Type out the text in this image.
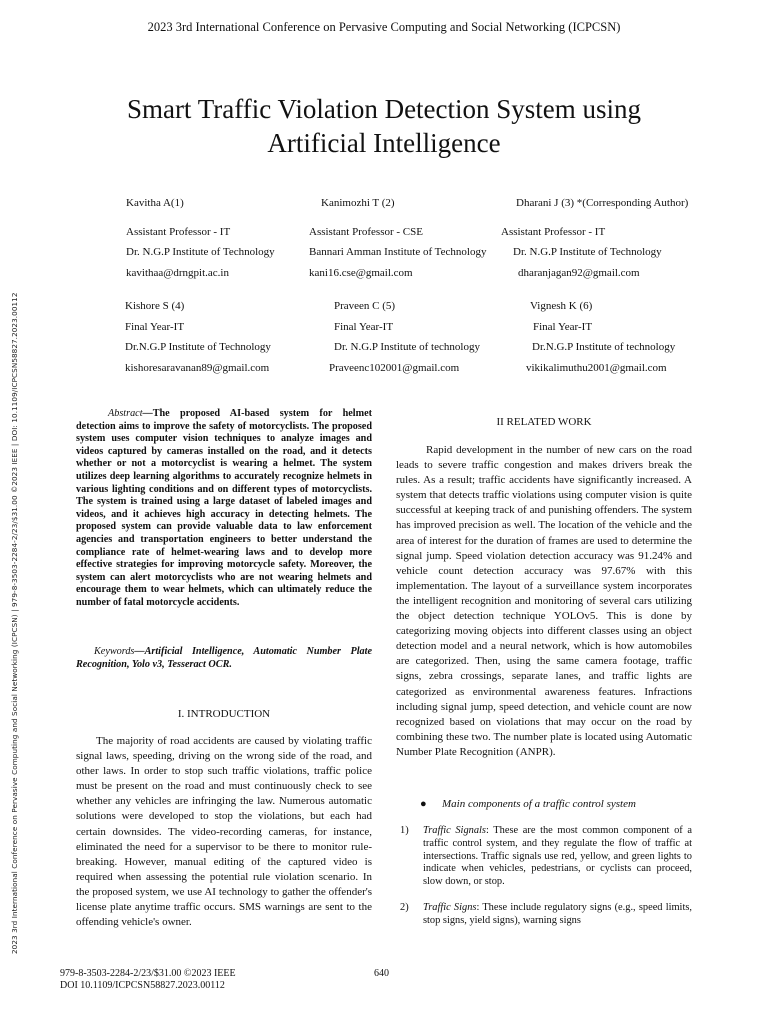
2023 3rd International Conference on Pervasive Computing and Social Networking (ICPCSN)
Smart Traffic Violation Detection System using
Artificial Intelligence
Kavitha A(1)
Assistant Professor - IT
Dr. N.G.P Institute of Technology
kavithaa@drngpit.ac.in
Kanimozhi T (2)
Assistant Professor - CSE
Bannari Amman Institute of Technology
kani16.cse@gmail.com
Dharani J (3) *(Corresponding Author)
Assistant Professor - IT
Dr. N.G.P Institute of Technology
dharanjagan92@gmail.com
Kishore S (4)
Final Year-IT
Dr.N.G.P Institute of Technology
kishoresaravanan89@gmail.com
Praveen C (5)
Final Year-IT
Dr. N.G.P Institute of technology
Praveenc102001@gmail.com
Vignesh K (6)
Final Year-IT
Dr.N.G.P Institute of technology
vikikalimuthu2001@gmail.com
2023 3rd International Conference on Pervasive Computing and Social Networking (ICPCSN) | 979-8-3503-2284-2/23/$31.00 ©2023 IEEE | DOI: 10.1109/ICPCSN58827.2023.00112	Abstract—The proposed AI-based system for helmet detection aims to improve the safety of motorcyclists. The proposed system uses computer vision techniques to analyze images and videos captured by cameras installed on the road, and it detects whether or not a motorcyclist is wearing a helmet. The system utilizes deep learning algorithms to accurately recognize helmets in various lighting conditions and on different types of motorcyclists. The system is trained using a large dataset of labeled images and videos, and it achieves high accuracy in detecting helmets. The proposed system can provide valuable data to law enforcement agencies and transportation engineers to better understand the compliance rate of helmet-wearing laws and to develop more effective strategies for improving motorcycle safety. Moreover, the system can alert motorcyclists who are not wearing helmets and encourage them to wear helmets, which can ultimately reduce the number of fatal motorcycle accidents.
Keywords—Artificial Intelligence, Automatic Number Plate Recognition, Yolo v3, Tesseract OCR.
I. INTRODUCTION
The majority of road accidents are caused by violating traffic signal laws, speeding, driving on the wrong side of the road, and other laws. In order to stop such traffic violations, traffic police must be present on the road and must continuously check to see whether any vehicles are infringing the law. Numerous automatic solutions were developed to stop the violations, but each had certain downsides. The video-recording cameras, for instance, eliminated the need for a supervisor to be there to monitor rule-breaking. However, manual editing of the captured video is required when assessing the potential rule violation scenario. In the proposed system, we use AI technology to gather the offender's license plate anytime traffic occurs. SMS warnings are sent to the offending vehicle's owner.
II RELATED WORK
Rapid development in the number of new cars on the road leads to severe traffic congestion and makes drivers break the rules. As a result; traffic accidents have significantly increased. A system that detects traffic violations using computer vision is quite successful at keeping track of and punishing offenders. The system has improved precision as well. The location of the vehicle and the area of interest for the duration of frames are used to determine the signal jump. Speed violation detection accuracy was 91.24% and vehicle count detection accuracy was 97.67% with this implementation. The layout of a surveillance system incorporates the intelligent recognition and monitoring of several cars utilizing the object detection technique YOLOv5. This is done by categorizing moving objects into different classes using an object detection model and a neural network, which is how automobiles are categorized. Then, using the same camera footage, traffic signs, zebra crossings, separate lanes, and traffic lights are categorized as environmental awareness features. Infractions including signal jump, speed detection, and vehicle count are now recognized based on violations that may occur on the road by combining these two. The number plate is located using Automatic Number Plate Recognition (ANPR).
● Main components of a traffic control system
1) Traffic Signals: These are the most common component of a traffic control system, and they regulate the flow of traffic at intersections. Traffic signals use red, yellow, and green lights to indicate when vehicles, pedestrians, or cyclists can proceed, slow down, or stop.
2) Traffic Signs: These include regulatory signs (e.g., speed limits, stop signs, yield signs), warning signs
979-8-3503-2284-2/23/$31.00 ©2023 IEEE
DOI 10.1109/ICPCSN58827.2023.00112
640
